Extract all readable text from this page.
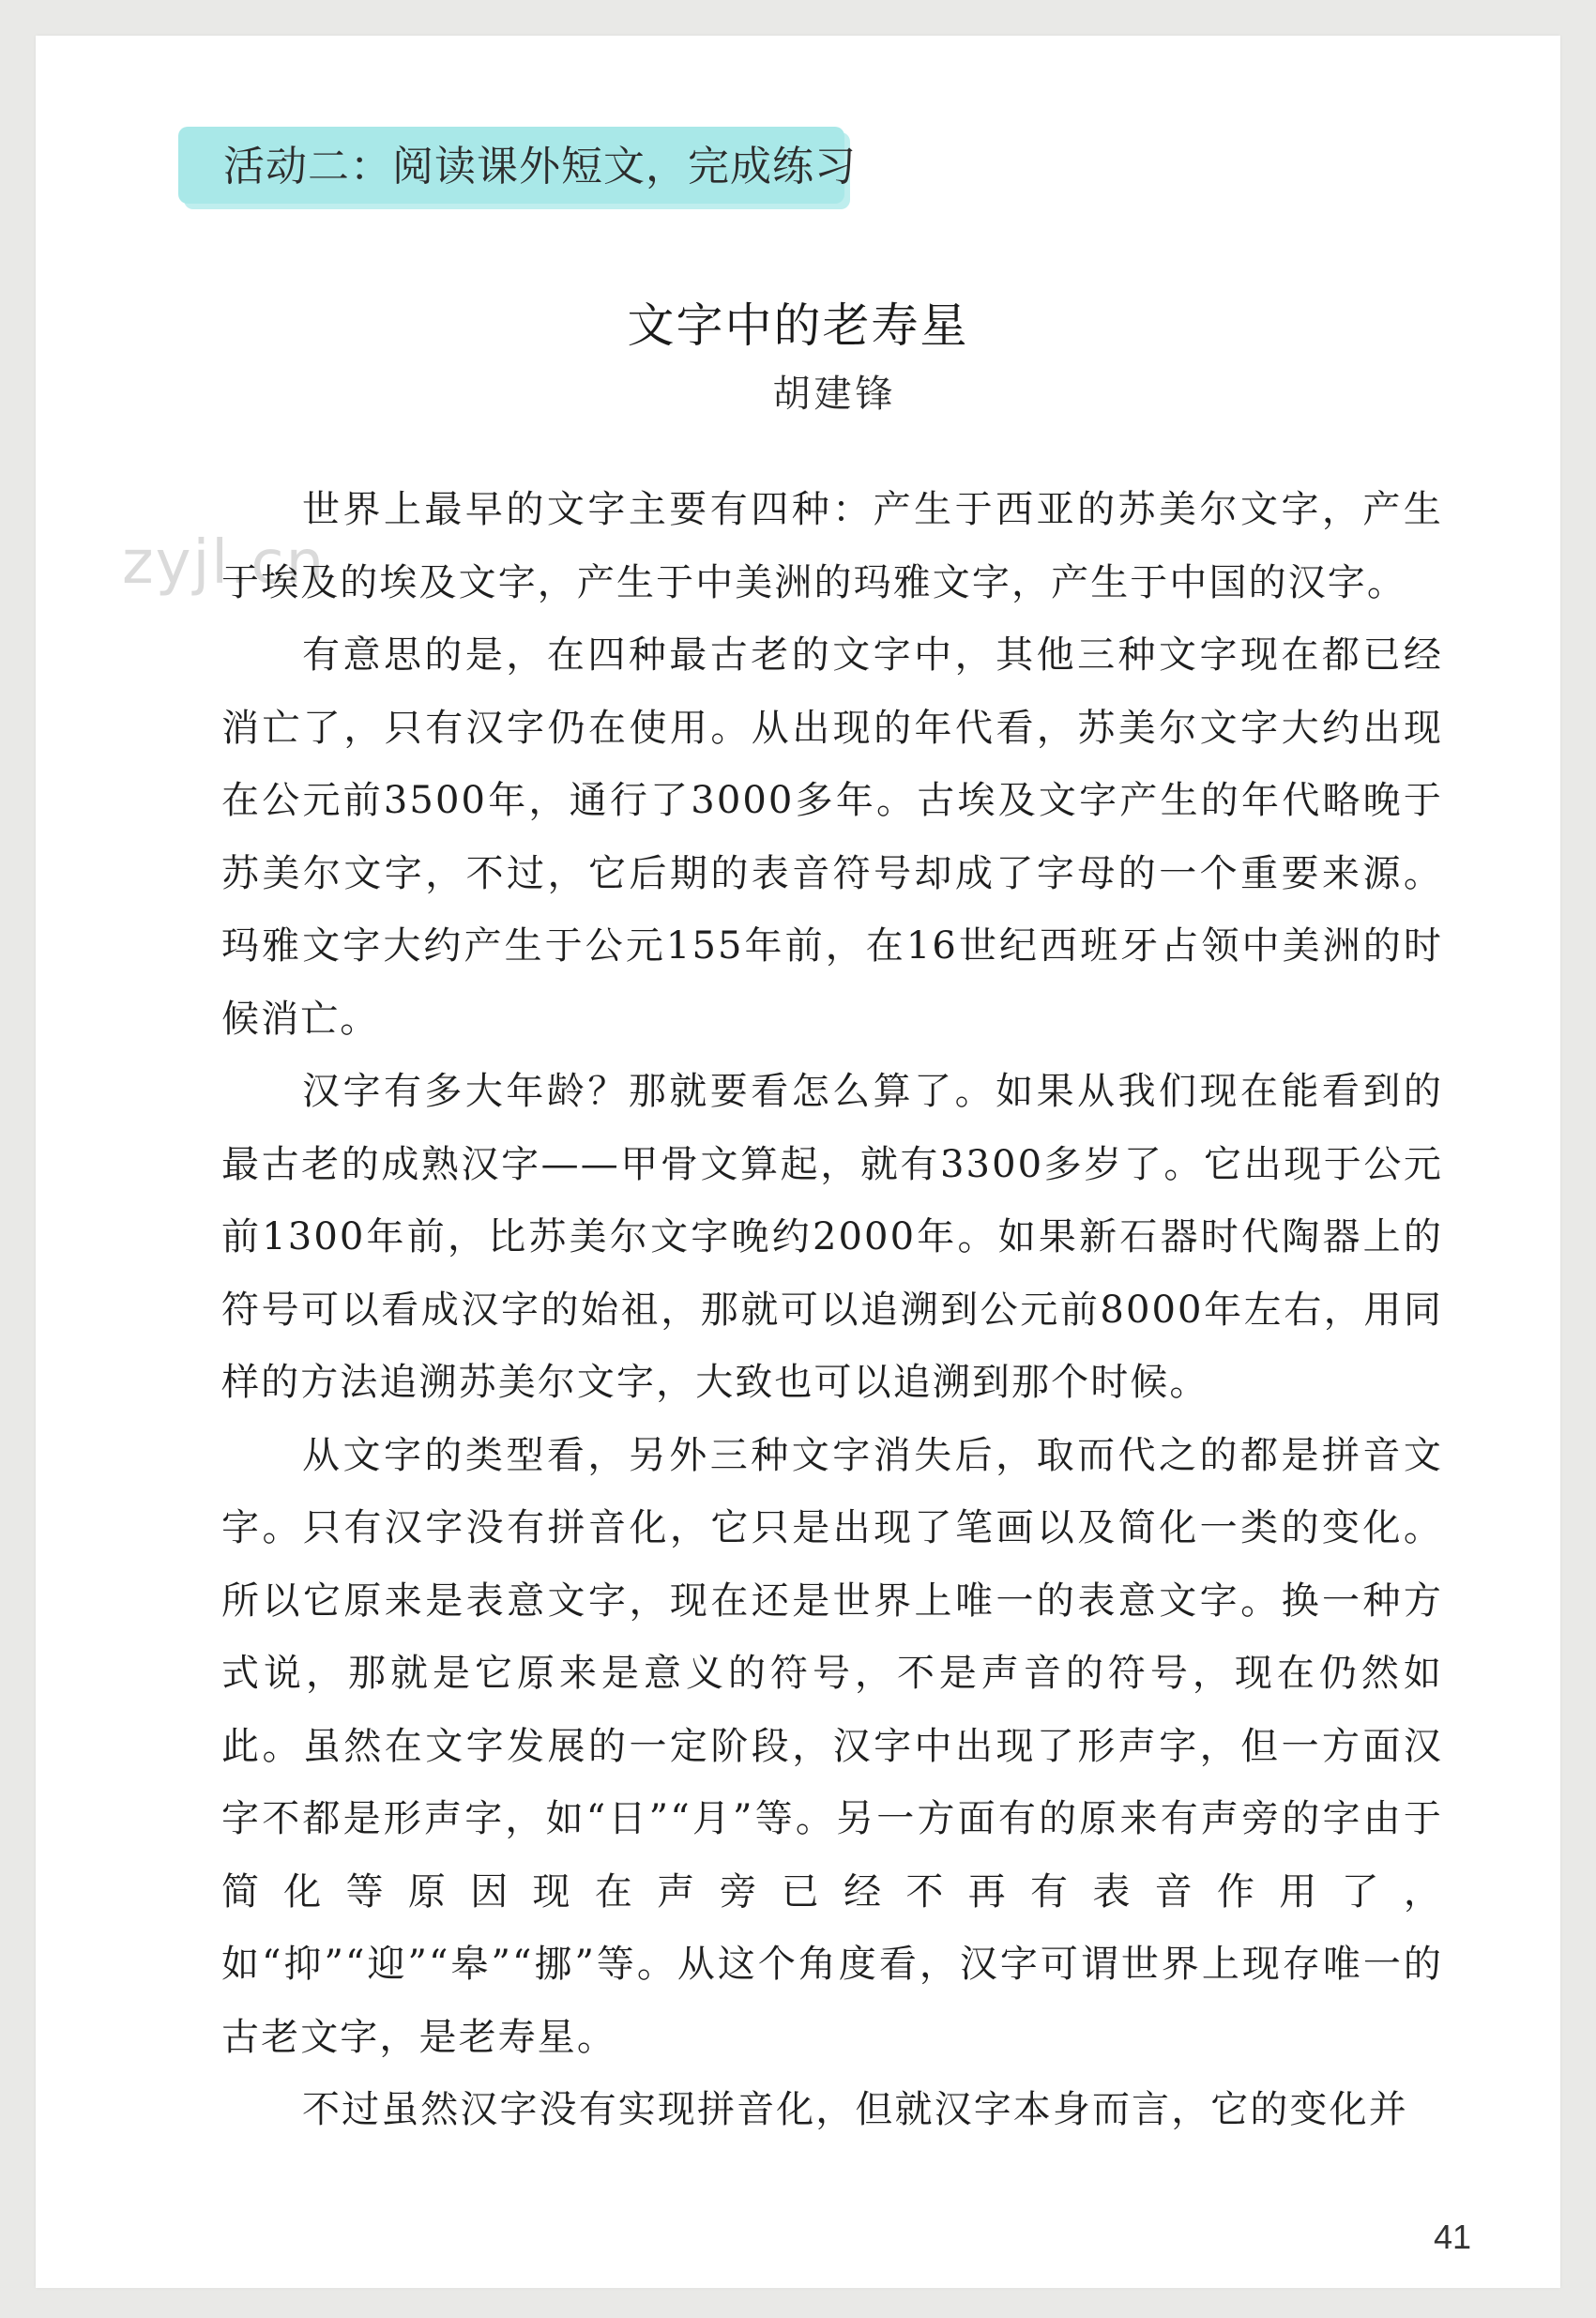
活动二：阅读课外短文，完成练习
文字中的老寿星
胡建锋
zyjl.cn

世界上最早的文字主要有四种：产生于西亚的苏美尔文字，产生于埃及的埃及文字，产生于中美洲的玛雅文字，产生于中国的汉字。

有意思的是，在四种最古老的文字中，其他三种文字现在都已经消亡了，只有汉字仍在使用。从出现的年代看，苏美尔文字大约出现在公元前3500年，通行了3000多年。古埃及文字产生的年代略晚于苏美尔文字，不过，它后期的表音符号却成了字母的一个重要来源。玛雅文字大约产生于公元155年前，在16世纪西班牙占领中美洲的时候消亡。

汉字有多大年龄？那就要看怎么算了。如果从我们现在能看到的最古老的成熟汉字——甲骨文算起，就有3300多岁了。它出现于公元前1300年前，比苏美尔文字晚约2000年。如果新石器时代陶器上的符号可以看成汉字的始祖，那就可以追溯到公元前8000年左右，用同样的方法追溯苏美尔文字，大致也可以追溯到那个时候。

从文字的类型看，另外三种文字消失后，取而代之的都是拼音文字。只有汉字没有拼音化，它只是出现了笔画以及简化一类的变化。所以它原来是表意文字，现在还是世界上唯一的表意文字。换一种方式说，那就是它原来是意义的符号，不是声音的符号，现在仍然如此。虽然在文字发展的一定阶段，汉字中出现了形声字，但一方面汉字不都是形声字，如“日”“月”等。另一方面有的原来有声旁的字由于简化等原因现在声旁已经不再有表音作用了，如“抑”“迎”“皋”“挪”等。从这个角度看，汉字可谓世界上现存唯一的古老文字，是老寿星。

不过虽然汉字没有实现拼音化，但就汉字本身而言，它的变化并

41
